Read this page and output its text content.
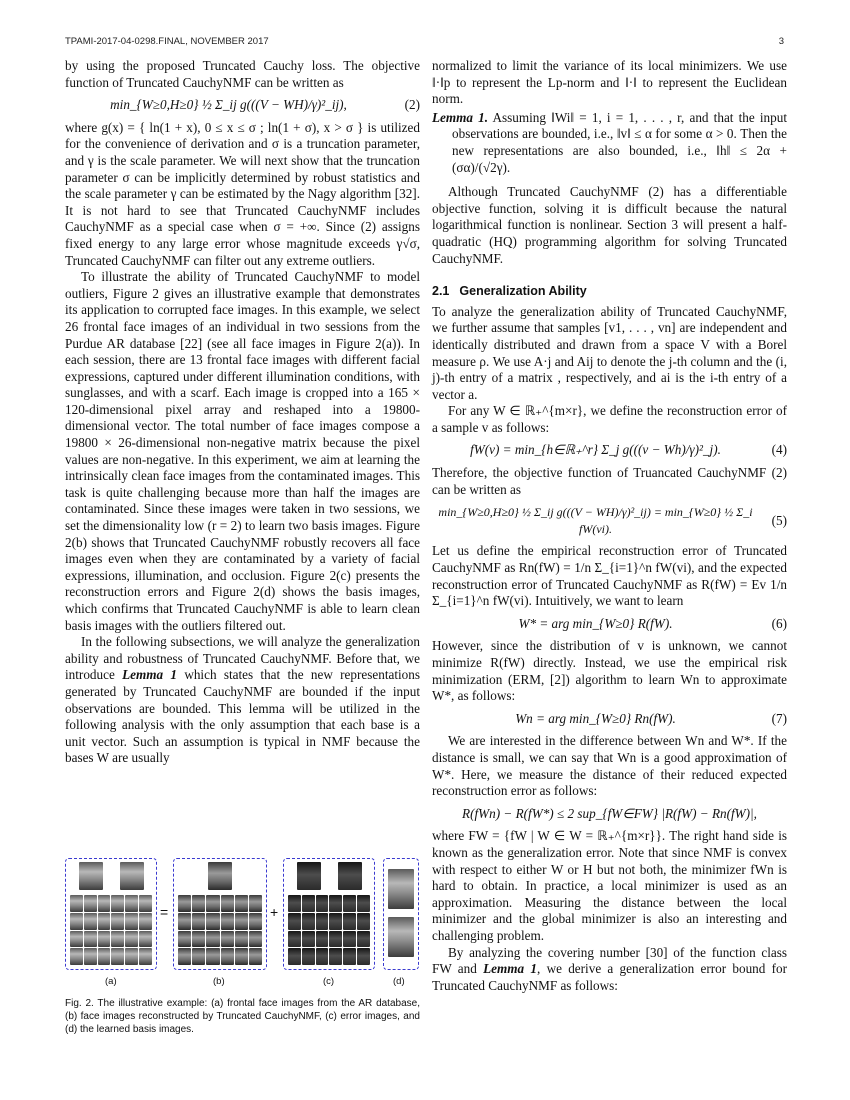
TPAMI-2017-04-0298.FINAL, NOVEMBER 2017	3

by using the proposed Truncated Cauchy loss. The objective function of Truncated CauchyNMF can be written as

min_{W≥0,H≥0} ½ Σ_ij g(((V − WH)/γ)²_ij),	(2)

where g(x) = { ln(1 + x), 0 ≤ x ≤ σ ; ln(1 + σ), x > σ } is utilized for the convenience of derivation and σ is a truncation parameter, and γ is the scale parameter. We will next show that the truncation parameter σ can be implicitly determined by robust statistics and the scale parameter γ can be estimated by the Nagy algorithm [32]. It is not hard to see that Truncated CauchyNMF includes CauchyNMF as a special case when σ = +∞. Since (2) assigns fixed energy to any large error whose magnitude exceeds γ√σ, Truncated CauchyNMF can filter out any extreme outliers.

To illustrate the ability of Truncated CauchyNMF to model outliers, Figure 2 gives an illustrative example that demonstrates its application to corrupted face images. In this example, we select 26 frontal face images of an individual in two sessions from the Purdue AR database [22] (see all face images in Figure 2(a)). In each session, there are 13 frontal face images with different facial expressions, captured under different illumination conditions, with sunglasses, and with a scarf. Each image is cropped into a 165 × 120-dimensional pixel array and reshaped into a 19800-dimensional vector. The total number of face images compose a 19800 × 26-dimensional non-negative matrix because the pixel values are non-negative. In this experiment, we aim at learning the intrinsically clean face images from the contaminated images. This task is quite challenging because more than half the images are contaminated. Since these images were taken in two sessions, we set the dimensionality low (r = 2) to learn two basis images. Figure 2(b) shows that Truncated CauchyNMF robustly recovers all face images even when they are contaminated by a variety of facial expressions, illumination, and occlusion. Figure 2(c) presents the reconstruction errors and Figure 2(d) shows the basis images, which confirms that Truncated CauchyNMF is able to learn clean basis images with the outliers filtered out.

In the following subsections, we will analyze the generalization ability and robustness of Truncated CauchyNMF. Before that, we introduce Lemma 1 which states that the new representations generated by Truncated CauchyNMF are bounded if the input observations are bounded. This lemma will be utilized in the following analysis with the only assumption that each base is a unit vector. Such an assumption is typical in NMF because the bases W are usually

=	+
(a)	(b)	(c)	(d)
Fig. 2. The illustrative example: (a) frontal face images from the AR database, (b) face images reconstructed by Truncated CauchyNMF, (c) error images, and (d) the learned basis images.

normalized to limit the variance of its local minimizers. We use ‖·‖p to represent the Lp-norm and ‖·‖ to represent the Euclidean norm.

Lemma 1. Assuming ‖Wi‖ = 1, i = 1, . . . , r, and that the input observations are bounded, i.e., ‖v‖ ≤ α for some α > 0. Then the new representations are also bounded, i.e., ‖h‖ ≤ 2α + (σα)/(√2γ).

Although Truncated CauchyNMF (2) has a differentiable objective function, solving it is difficult because the natural logarithmical function is nonlinear. Section 3 will present a half-quadratic (HQ) programming algorithm for solving Truncated CauchyNMF.

2.1 Generalization Ability

To analyze the generalization ability of Truncated CauchyNMF, we further assume that samples [v1, . . . , vn] are independent and identically distributed and drawn from a space V with a Borel measure ρ. We use A·j and Aij to denote the j-th column and the (i, j)-th entry of a matrix , respectively, and ai is the i-th entry of a vector a.

For any W ∈ ℝ₊^{m×r}, we define the reconstruction error of a sample v as follows:

fW(v) = min_{h∈ℝ₊^r} Σ_j g(((v − Wh)/γ)²_j).	(4)

Therefore, the objective function of Truancated CauchyNMF (2) can be written as

min_{W≥0,H≥0} ½ Σ_ij g(((V − WH)/γ)²_ij) = min_{W≥0} ½ Σ_i fW(vi).
(5)

Let us define the empirical reconstruction error of Truncated CauchyNMF as Rn(fW) = 1/n Σ_{i=1}^n fW(vi), and the expected reconstruction error of Truncated CauchyNMF as R(fW) = Ev 1/n Σ_{i=1}^n fW(vi). Intuitively, we want to learn

W* = arg min_{W≥0} R(fW).	(6)

However, since the distribution of v is unknown, we cannot minimize R(fW) directly. Instead, we use the empirical risk minimization (ERM, [2]) algorithm to learn Wn to approximate W*, as follows:

Wn = arg min_{W≥0} Rn(fW).	(7)

We are interested in the difference between Wn and W*. If the distance is small, we can say that Wn is a good approximation of W*. Here, we measure the distance of their reduced expected reconstruction error as follows:

R(fWn) − R(fW*) ≤ 2 sup_{fW∈FW} |R(fW) − Rn(fW)|,

where FW = {fW | W ∈ W = ℝ₊^{m×r}}. The right hand side is known as the generalization error. Note that since NMF is convex with respect to either W or H but not both, the minimizer fWn is hard to obtain. In practice, a local minimizer is used as an approximation. Measuring the distance between the local minimizer and the global minimizer is also an interesting and challenging problem.

By analyzing the covering number [30] of the function class FW and Lemma 1, we derive a generalization error bound for Truncated CauchyNMF as follows:
